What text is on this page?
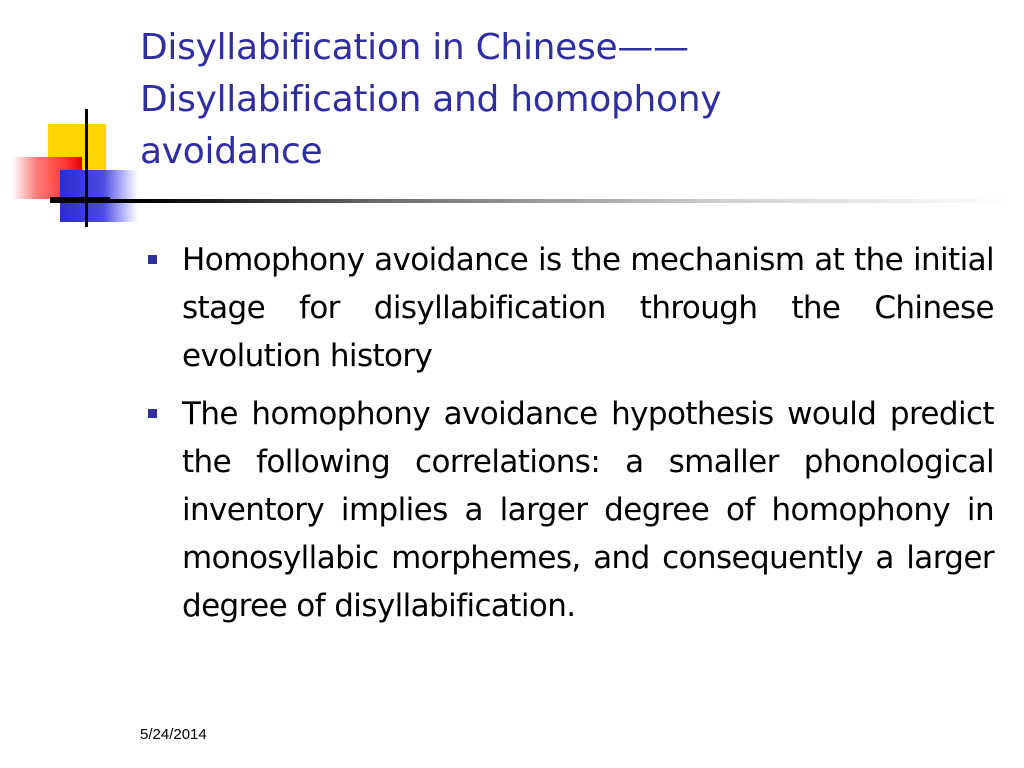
Disyllabification in Chinese——
Disyllabification and homophony
avoidance
Homophony avoidance is the mechanism at the initial stage for disyllabification through the Chinese evolution history
The homophony avoidance hypothesis would predict the following correlations: a smaller phonological inventory implies a larger degree of homophony in monosyllabic morphemes, and consequently a larger degree of disyllabification.
5/24/2014
